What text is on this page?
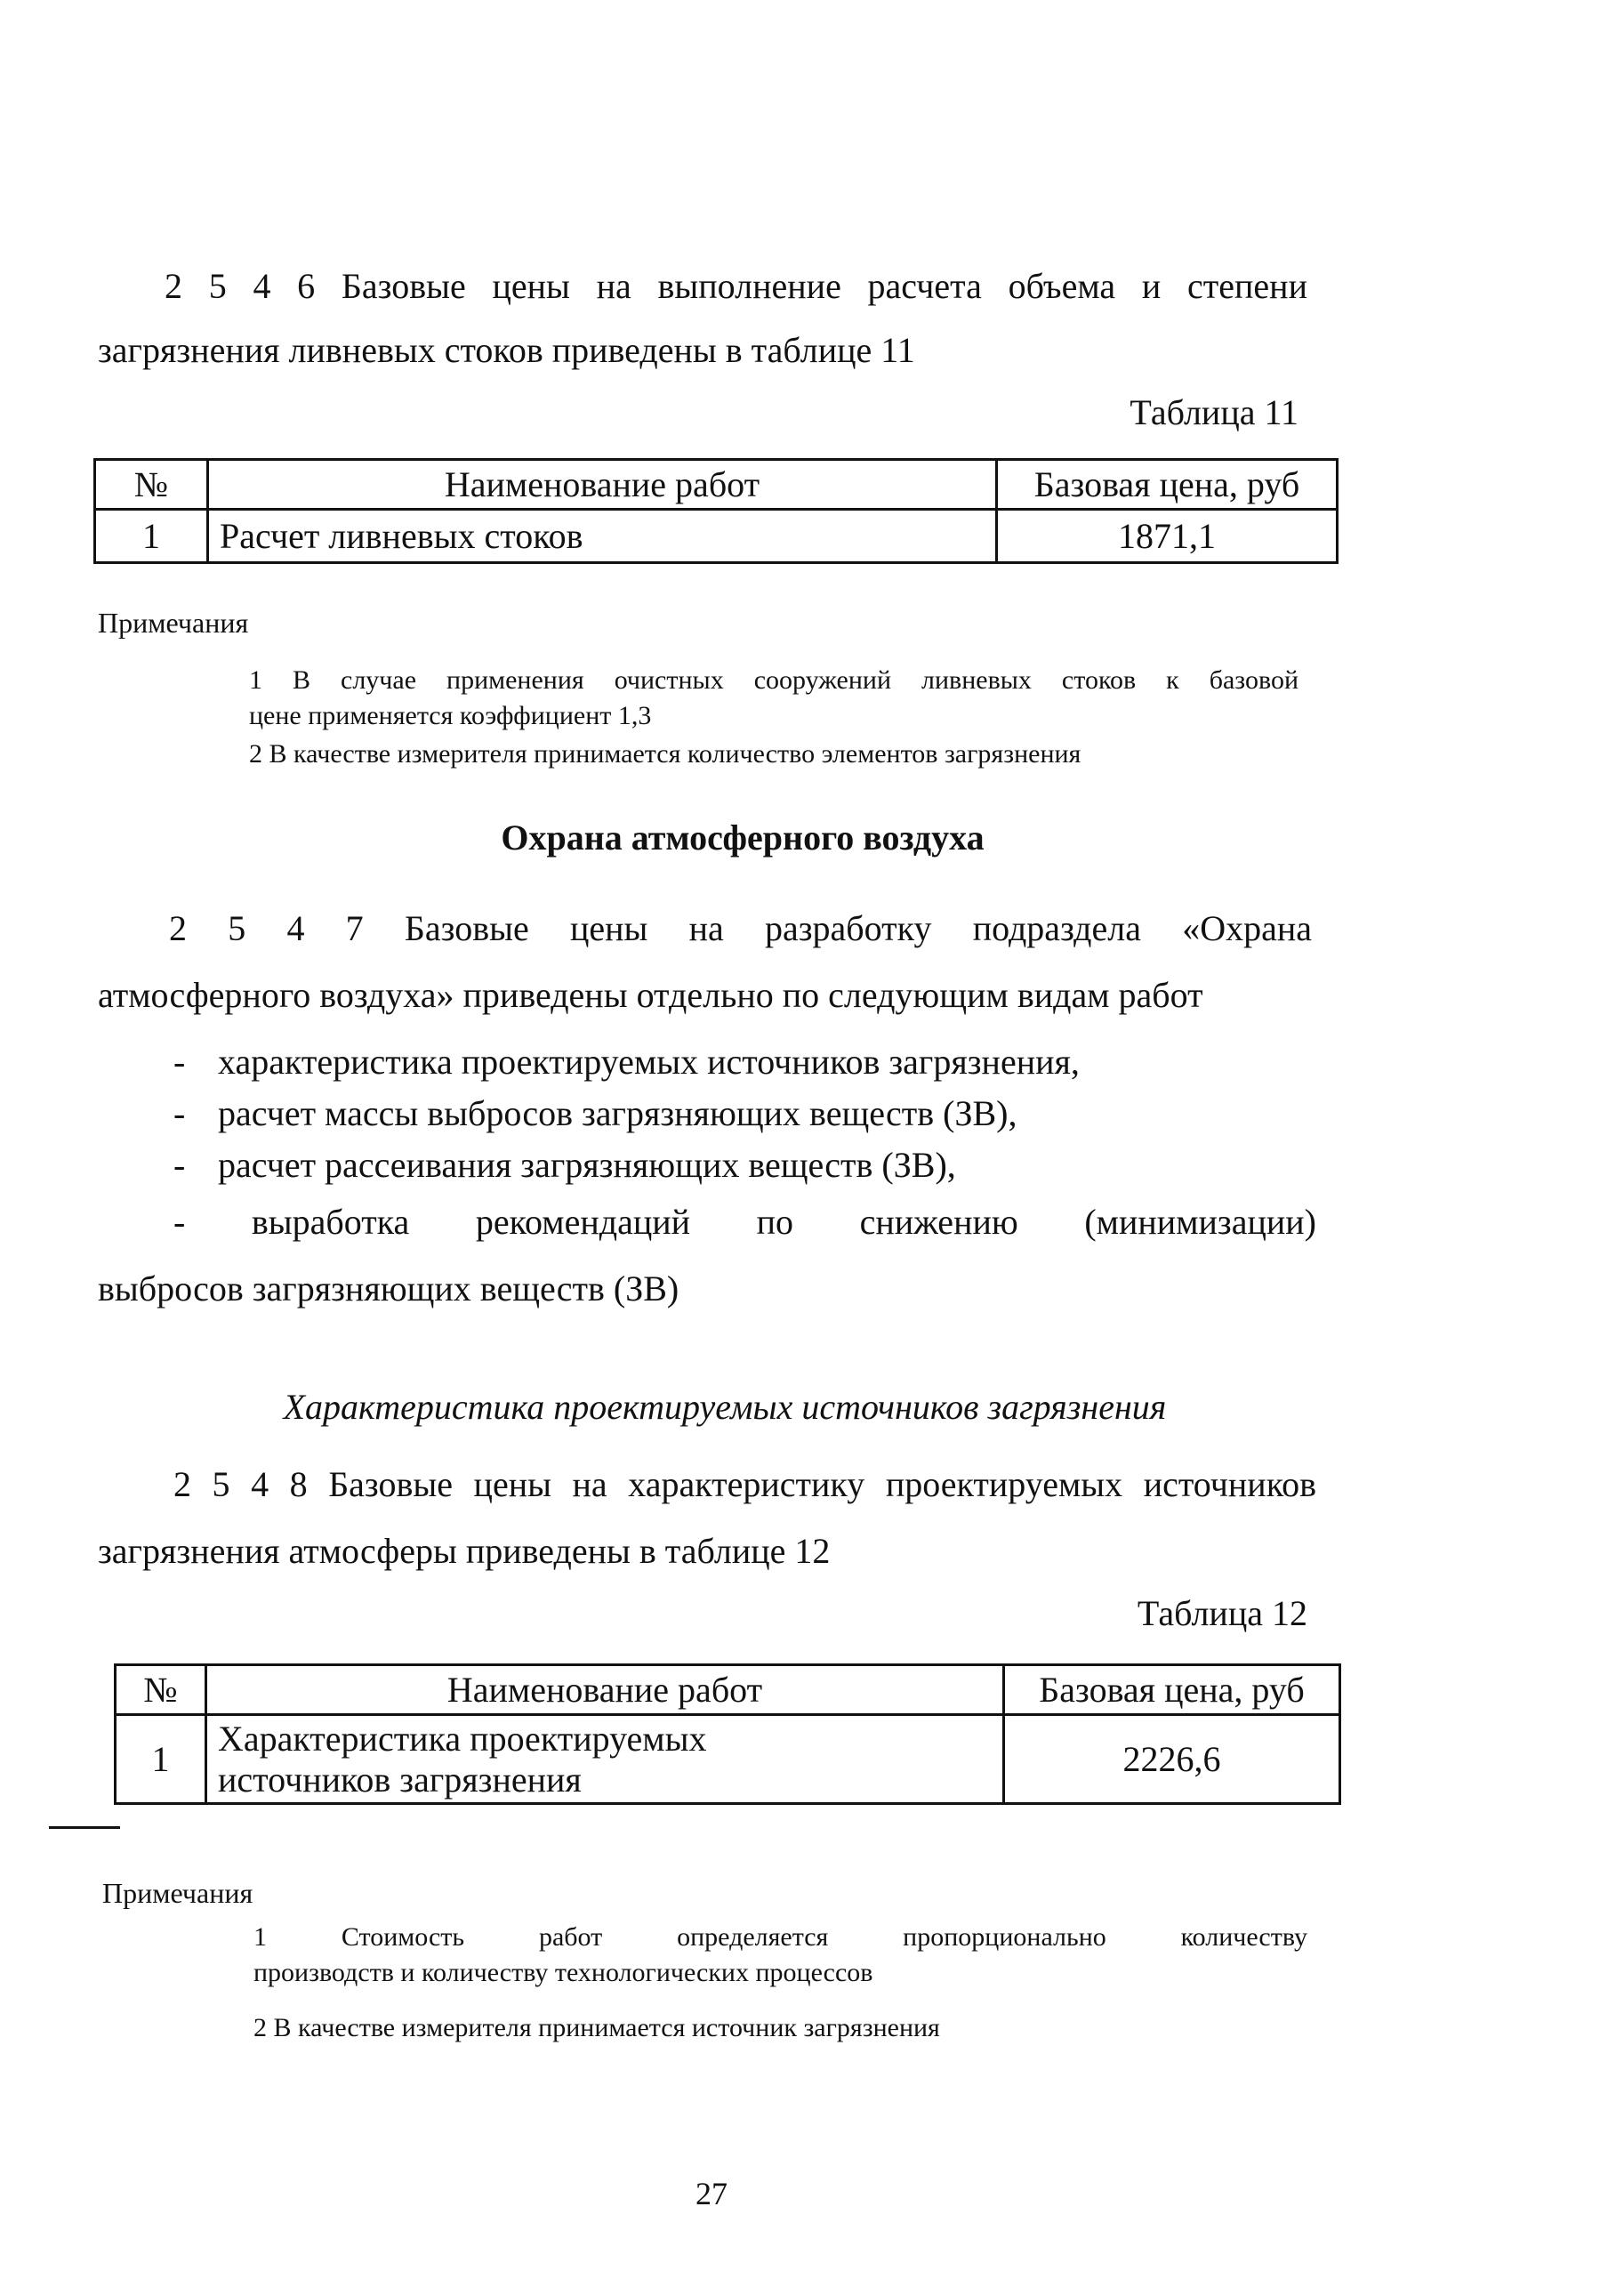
2 5 4 6 Базовые цены на выполнение расчета объема и степени
загрязнения ливневых стоков приведены в таблице 11
Таблица 11
№	Наименование работ	Базовая цена, руб
1	Расчет ливневых стоков	1871,1
Примечания
1 В случае применения очистных сооружений ливневых стоков к базовой
цене применяется коэффициент 1,3
2 В качестве измерителя принимается количество элементов загрязнения
Охрана атмосферного воздуха
2 5 4 7 Базовые цены на разработку подраздела «Охрана
атмосферного воздуха» приведены отдельно по следующим видам работ
- характеристика проектируемых источников загрязнения,
- расчет массы выбросов загрязняющих веществ (ЗВ),
- расчет рассеивания загрязняющих веществ (ЗВ),
- выработка рекомендаций по снижению (минимизации)
выбросов загрязняющих веществ (ЗВ)
Характеристика проектируемых источников загрязнения
2 5 4 8 Базовые цены на характеристику проектируемых источников
загрязнения атмосферы приведены в таблице 12
Таблица 12
№	Наименование работ	Базовая цена, руб
1	Характеристика проектируемых источников загрязнения	2226,6
Примечания
1 Стоимость работ определяется пропорционально количеству
производств и количеству технологических процессов
2 В качестве измерителя принимается источник загрязнения
27
